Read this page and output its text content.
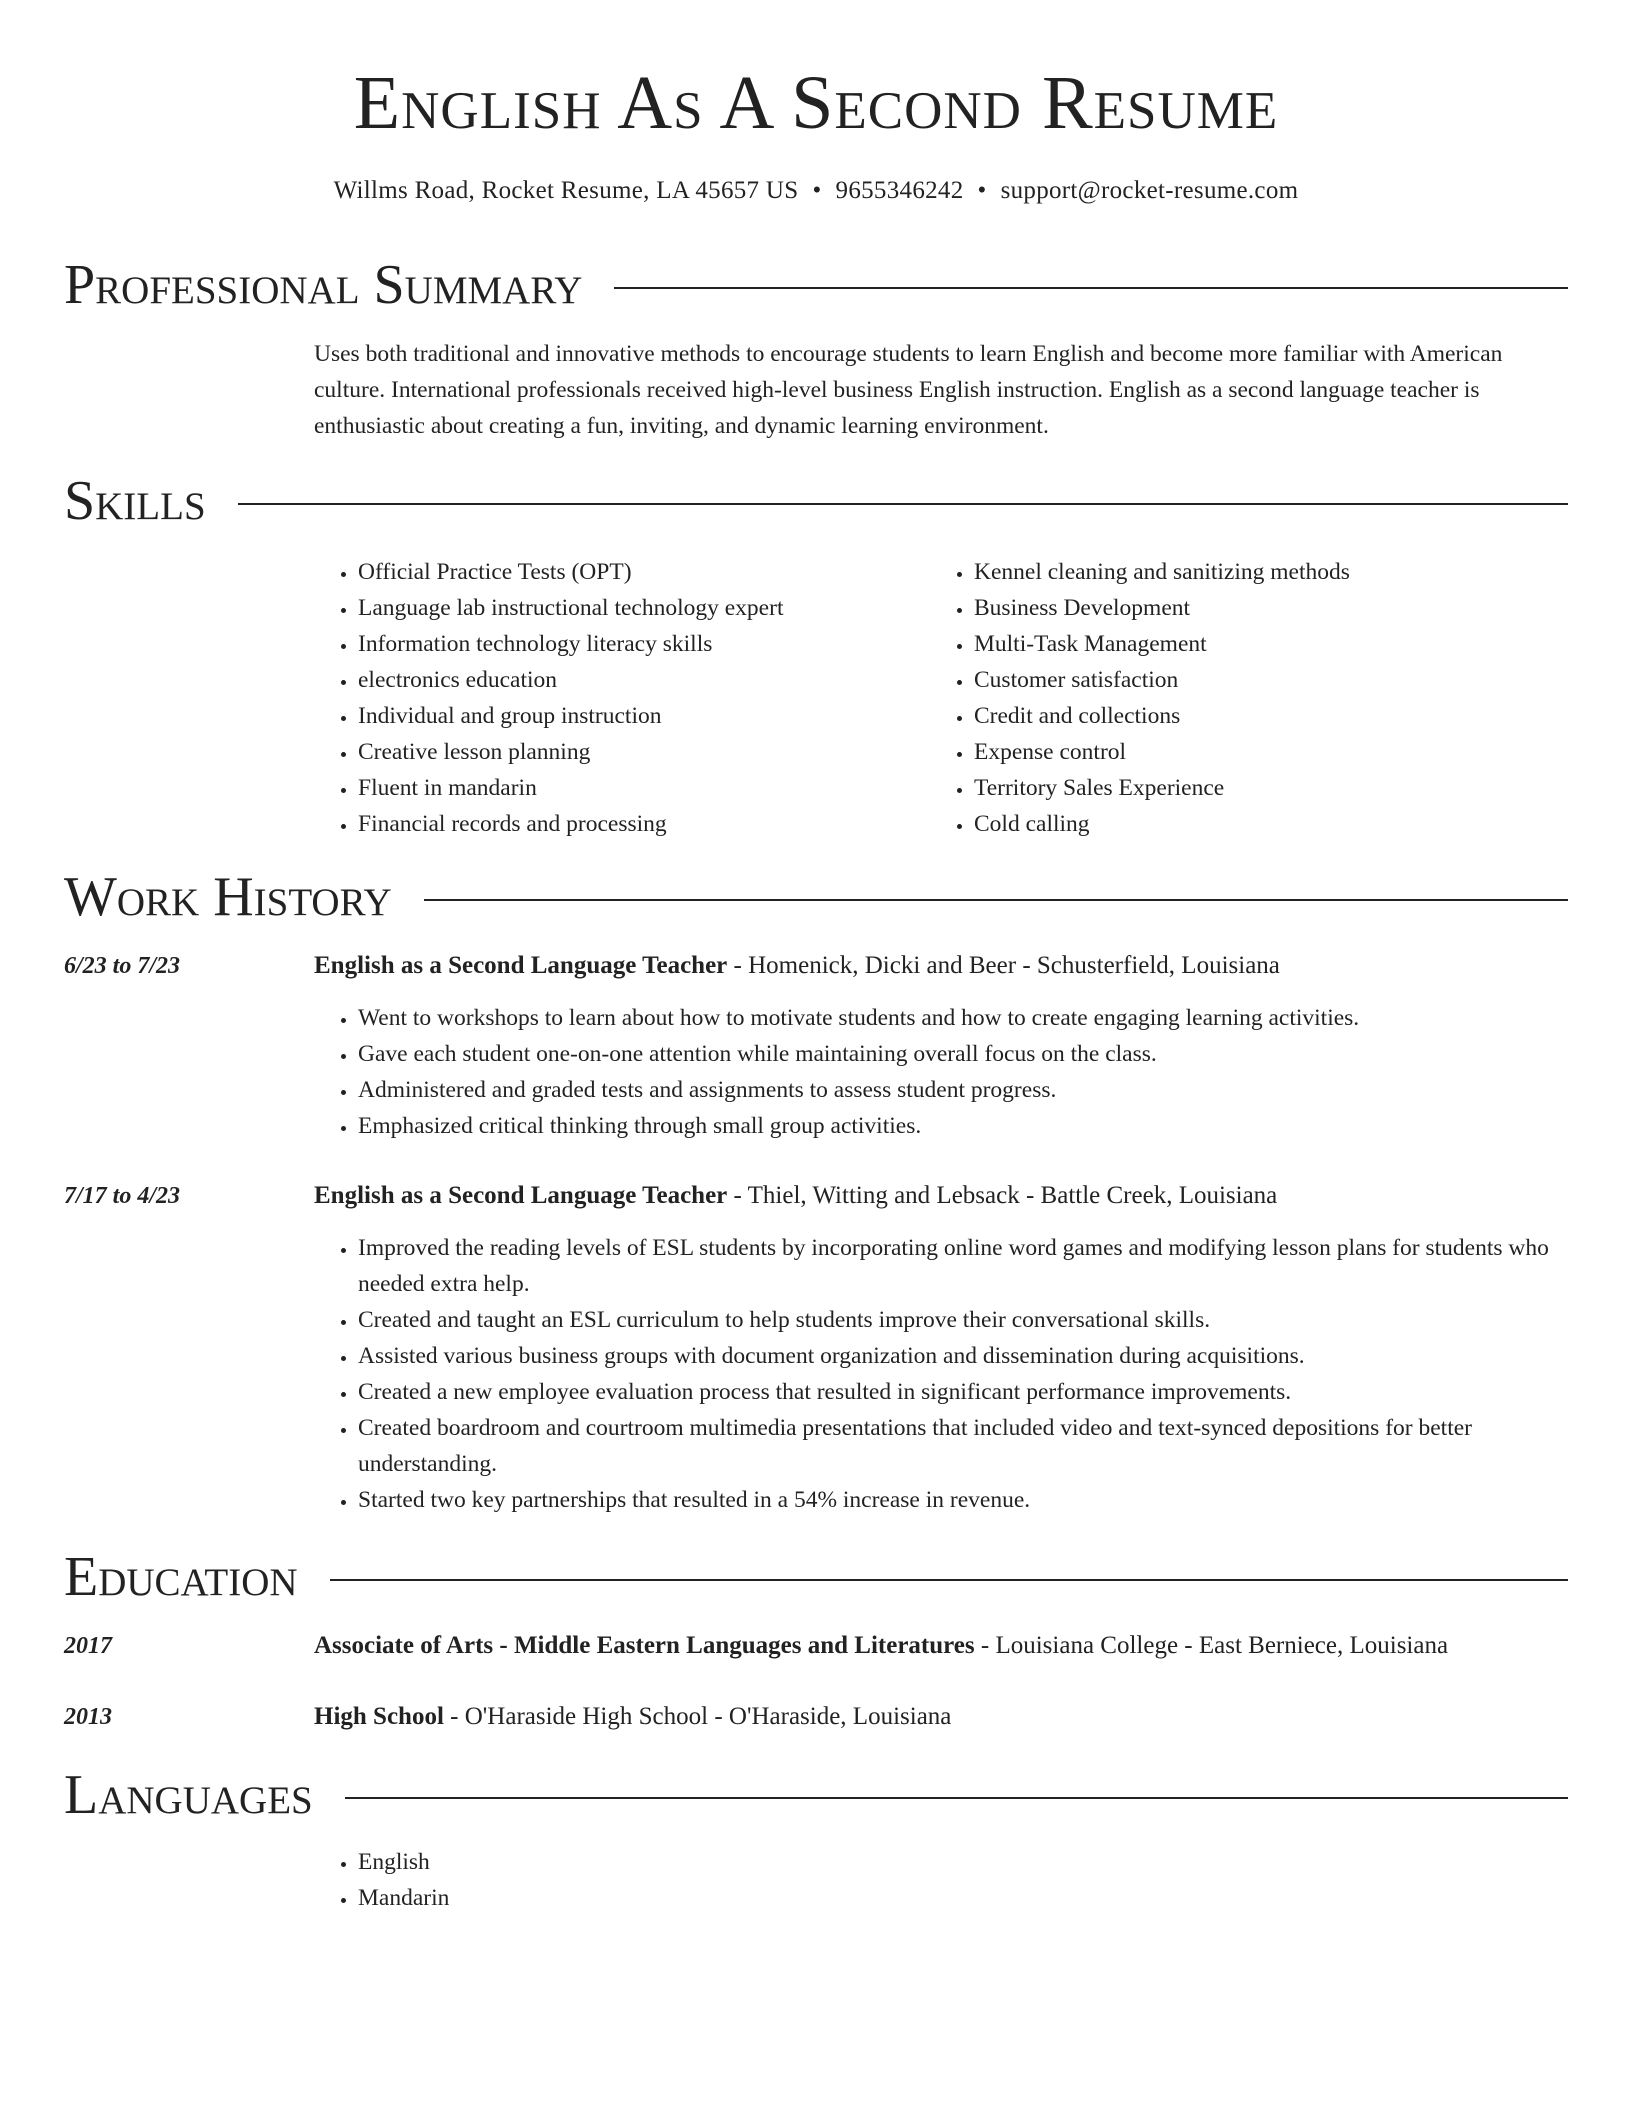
English As A Second Resume
Willms Road, Rocket Resume, LA 45657 US • 9655346242 • support@rocket-resume.com
Professional Summary

Uses both traditional and innovative methods to encourage students to learn English and become more familiar with American culture. International professionals received high-level business English instruction. English as a second language teacher is enthusiastic about creating a fun, inviting, and dynamic learning environment.

Skills
• Official Practice Tests (OPT)
• Language lab instructional technology expert
• Information technology literacy skills
• electronics education
• Individual and group instruction
• Creative lesson planning
• Fluent in mandarin
• Financial records and processing
• Kennel cleaning and sanitizing methods
• Business Development
• Multi-Task Management
• Customer satisfaction
• Credit and collections
• Expense control
• Territory Sales Experience
• Cold calling
Work History
6/23 to 7/23	English as a Second Language Teacher - Homenick, Dicki and Beer - Schusterfield, Louisiana
• Went to workshops to learn about how to motivate students and how to create engaging learning activities.
• Gave each student one-on-one attention while maintaining overall focus on the class.
• Administered and graded tests and assignments to assess student progress.
• Emphasized critical thinking through small group activities.
7/17 to 4/23	English as a Second Language Teacher - Thiel, Witting and Lebsack - Battle Creek, Louisiana
• Improved the reading levels of ESL students by incorporating online word games and modifying lesson plans for students who needed extra help.
• Created and taught an ESL curriculum to help students improve their conversational skills.
• Assisted various business groups with document organization and dissemination during acquisitions.
• Created a new employee evaluation process that resulted in significant performance improvements.
• Created boardroom and courtroom multimedia presentations that included video and text-synced depositions for better understanding.
• Started two key partnerships that resulted in a 54% increase in revenue.
Education
2017	Associate of Arts - Middle Eastern Languages and Literatures - Louisiana College - East Berniece, Louisiana
2013	High School - O'Haraside High School - O'Haraside, Louisiana
Languages
• English
• Mandarin
